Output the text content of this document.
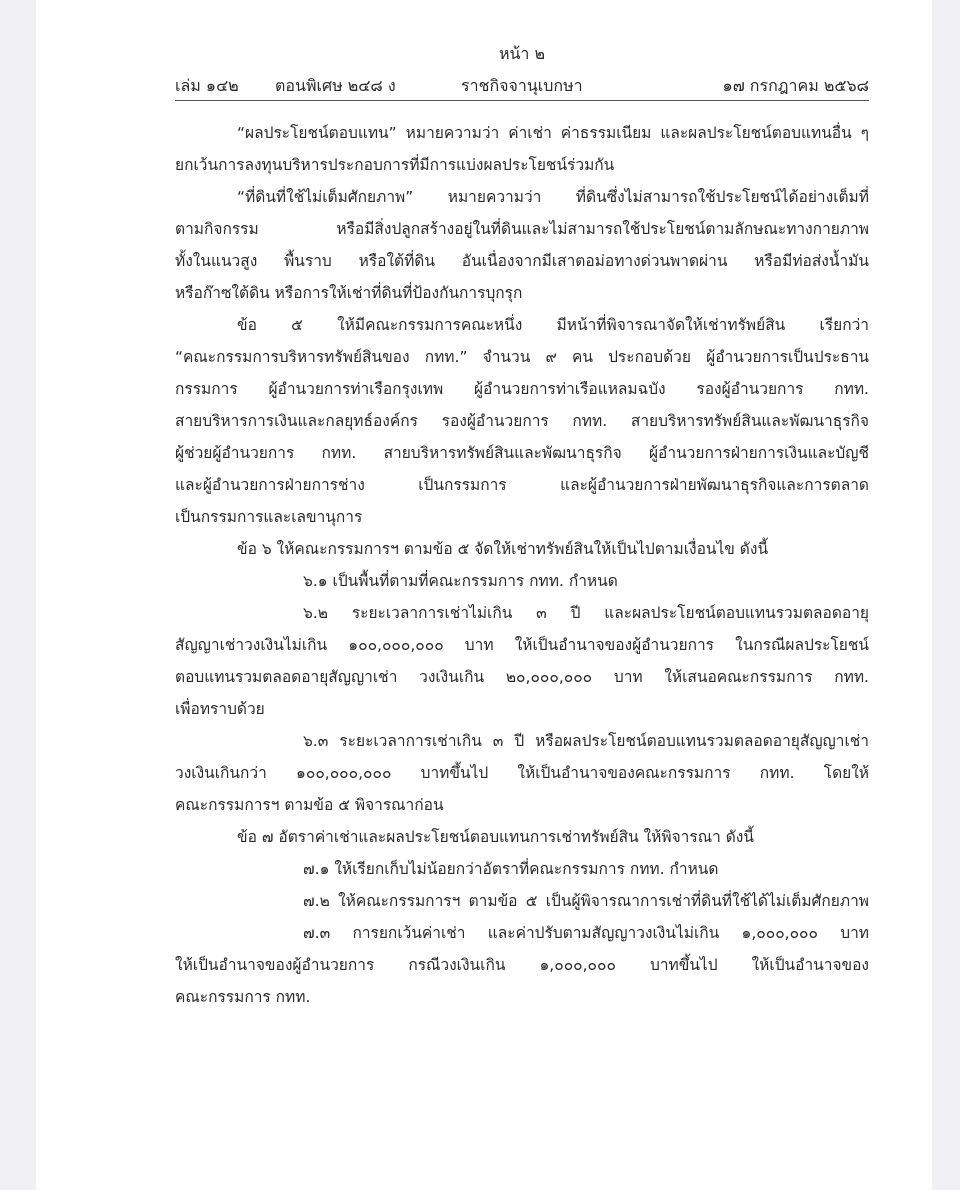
หน้า ๒
เล่ม ๑๔๒ ตอนพิเศษ ๒๔๘ ง	ราชกิจจานุเบกษา	๑๗ กรกฎาคม ๒๕๖๘
“ผลประโยชน์ตอบแทน” หมายความว่า ค่าเช่า ค่าธรรมเนียม และผลประโยชน์ตอบแทนอื่น ๆ
ยกเว้นการลงทุนบริหารประกอบการที่มีการแบ่งผลประโยชน์ร่วมกัน
“ที่ดินที่ใช้ไม่เต็มศักยภาพ” หมายความว่า ที่ดินซึ่งไม่สามารถใช้ประโยชน์ได้อย่างเต็มที่
ตามกิจกรรม หรือมีสิ่งปลูกสร้างอยู่ในที่ดินและไม่สามารถใช้ประโยชน์ตามลักษณะทางกายภาพ
ทั้งในแนวสูง พื้นราบ หรือใต้ที่ดิน อันเนื่องจากมีเสาตอม่อทางด่วนพาดผ่าน หรือมีท่อส่งน้ำมัน
หรือก๊าซใต้ดิน หรือการให้เช่าที่ดินที่ป้องกันการบุกรุก
ข้อ ๕ ให้มีคณะกรรมการคณะหนึ่ง มีหน้าที่พิจารณาจัดให้เช่าทรัพย์สิน เรียกว่า
“คณะกรรมการบริหารทรัพย์สินของ กทท.” จำนวน ๙ คน ประกอบด้วย ผู้อำนวยการเป็นประธาน
กรรมการ ผู้อำนวยการท่าเรือกรุงเทพ ผู้อำนวยการท่าเรือแหลมฉบัง รองผู้อำนวยการ กทท.
สายบริหารการเงินและกลยุทธ์องค์กร รองผู้อำนวยการ กทท. สายบริหารทรัพย์สินและพัฒนาธุรกิจ
ผู้ช่วยผู้อำนวยการ กทท. สายบริหารทรัพย์สินและพัฒนาธุรกิจ ผู้อำนวยการฝ่ายการเงินและบัญชี
และผู้อำนวยการฝ่ายการช่าง เป็นกรรมการ และผู้อำนวยการฝ่ายพัฒนาธุรกิจและการตลาด
เป็นกรรมการและเลขานุการ
ข้อ ๖ ให้คณะกรรมการฯ ตามข้อ ๕ จัดให้เช่าทรัพย์สินให้เป็นไปตามเงื่อนไข ดังนี้
๖.๑ เป็นพื้นที่ตามที่คณะกรรมการ กทท. กำหนด
๖.๒ ระยะเวลาการเช่าไม่เกิน ๓ ปี และผลประโยชน์ตอบแทนรวมตลอดอายุ
สัญญาเช่าวงเงินไม่เกิน ๑๐๐,๐๐๐,๐๐๐ บาท ให้เป็นอำนาจของผู้อำนวยการ ในกรณีผลประโยชน์
ตอบแทนรวมตลอดอายุสัญญาเช่า วงเงินเกิน ๒๐,๐๐๐,๐๐๐ บาท ให้เสนอคณะกรรมการ กทท.
เพื่อทราบด้วย
๖.๓ ระยะเวลาการเช่าเกิน ๓ ปี หรือผลประโยชน์ตอบแทนรวมตลอดอายุสัญญาเช่า
วงเงินเกินกว่า ๑๐๐,๐๐๐,๐๐๐ บาทขึ้นไป ให้เป็นอำนาจของคณะกรรมการ กทท. โดยให้
คณะกรรมการฯ ตามข้อ ๕ พิจารณาก่อน
ข้อ ๗ อัตราค่าเช่าและผลประโยชน์ตอบแทนการเช่าทรัพย์สิน ให้พิจารณา ดังนี้
๗.๑ ให้เรียกเก็บไม่น้อยกว่าอัตราที่คณะกรรมการ กทท. กำหนด
๗.๒ ให้คณะกรรมการฯ ตามข้อ ๕ เป็นผู้พิจารณาการเช่าที่ดินที่ใช้ได้ไม่เต็มศักยภาพ
๗.๓ การยกเว้นค่าเช่า และค่าปรับตามสัญญาวงเงินไม่เกิน ๑,๐๐๐,๐๐๐ บาท
ให้เป็นอำนาจของผู้อำนวยการ กรณีวงเงินเกิน ๑,๐๐๐,๐๐๐ บาทขึ้นไป ให้เป็นอำนาจของ
คณะกรรมการ กทท.
